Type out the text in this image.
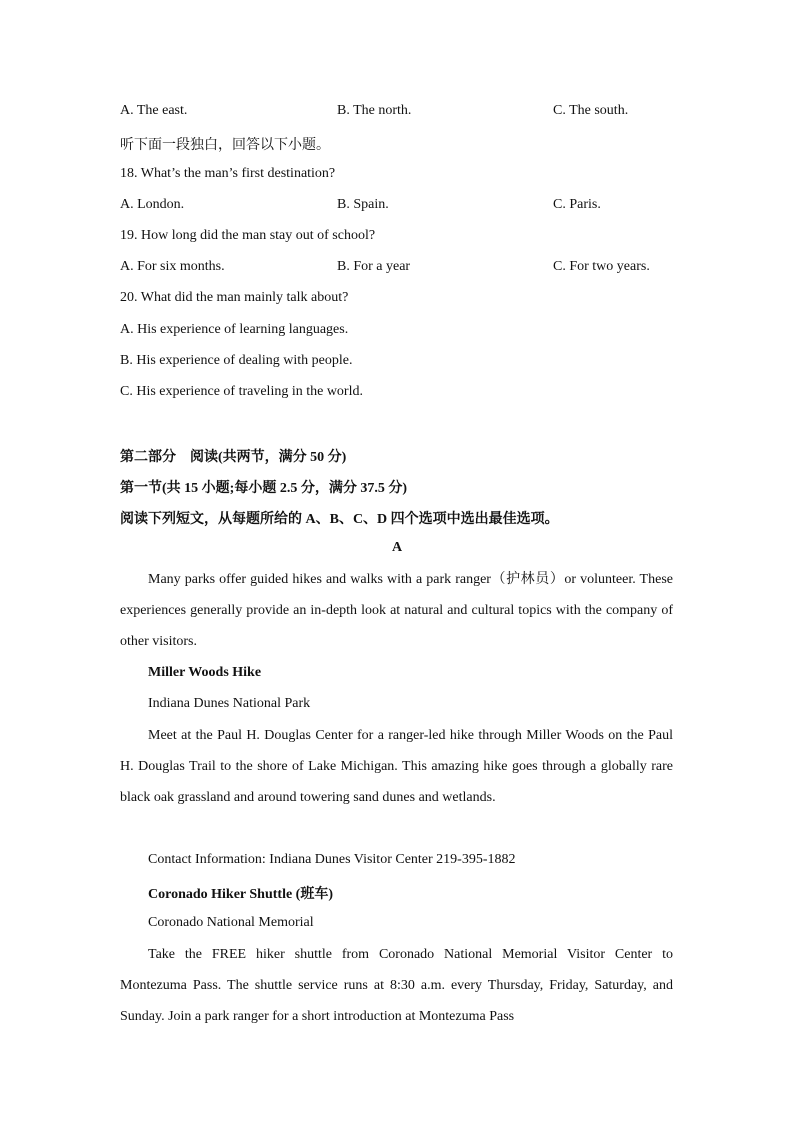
A. The east.	B. The north.	C. The south.
听下面一段独白，回答以下小题。
18. What’s the man’s first destination?
A. London.	B. Spain.	C. Paris.
19. How long did the man stay out of school?
A. For six months.	B. For a year	C. For two years.
20. What did the man mainly talk about?
A. His experience of learning languages.
B. His experience of dealing with people.
C. His experience of traveling in the world.
第二部分　阅读(共两节，满分 50 分)
第一节(共 15 小题;每小题 2.5 分，满分 37.5 分)
阅读下列短文，从每题所给的 A、B、C、D 四个选项中选出最佳选项。
A
Many parks offer guided hikes and walks with a park ranger（护林员）or volunteer. These experiences generally provide an in-depth look at natural and cultural topics with the company of other visitors.
Miller Woods Hike
Indiana Dunes National Park
Meet at the Paul H. Douglas Center for a ranger-led hike through Miller Woods on the Paul H. Douglas Trail to the shore of Lake Michigan. This amazing hike goes through a globally rare black oak grassland and around towering sand dunes and wetlands.
Contact Information: Indiana Dunes Visitor Center 219-395-1882
Coronado Hiker Shuttle (班车)
Coronado National Memorial
Take the FREE hiker shuttle from Coronado National Memorial Visitor Center to Montezuma Pass. The shuttle service runs at 8:30 a.m. every Thursday, Friday, Saturday, and Sunday. Join a park ranger for a short introduction at Montezuma Pass
